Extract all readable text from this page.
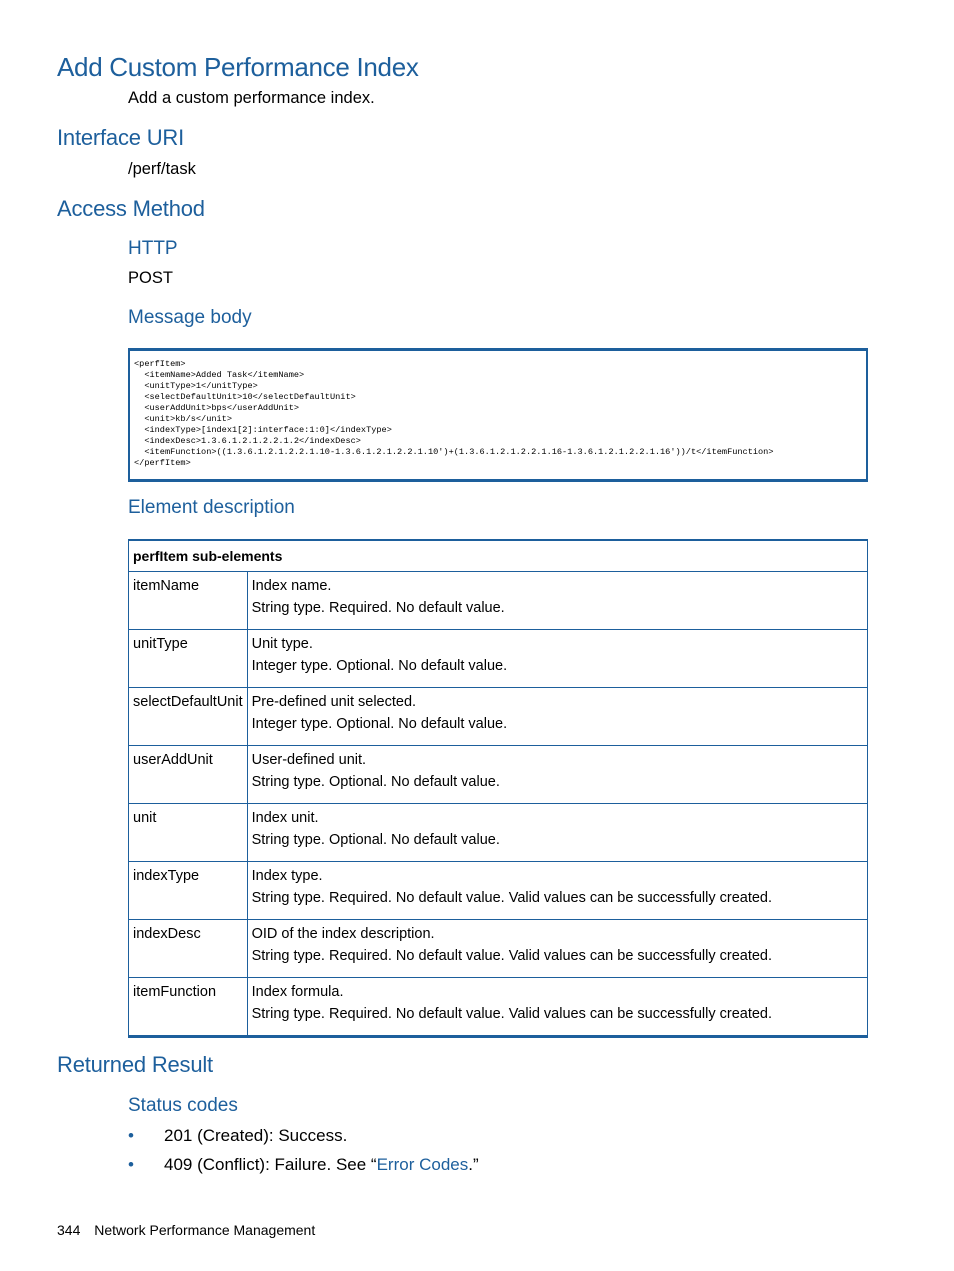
Add Custom Performance Index
Add a custom performance index.
Interface URI
/perf/task
Access Method
HTTP
POST
Message body
<perfItem>
<itemName>Added Task</itemName>
<unitType>1</unitType>
<selectDefaultUnit>10</selectDefaultUnit>
<userAddUnit>bps</userAddUnit>
<unit>kb/s</unit>
<indexType>[index1[2]:interface:1:0]</indexType>
<indexDesc>1.3.6.1.2.1.2.2.1.2</indexDesc>
<itemFunction>((1.3.6.1.2.1.2.2.1.10-1.3.6.1.2.1.2.2.1.10')+(1.3.6.1.2.1.2.2.1.16-1.3.6.1.2.1.2.2.1.16'))/t</itemFunction>
</perfItem>
Element description
perfItem sub-elements	
itemName	Index name.
String type. Required. No default value.

unitType	Unit type.
Integer type. Optional. No default value.

selectDefaultUnit	Pre-defined unit selected.
Integer type. Optional. No default value.

userAddUnit	User-defined unit.
String type. Optional. No default value.

unit	Index unit.
String type. Optional. No default value.

indexType	Index type.
String type. Required. No default value. Valid values can be successfully created.

indexDesc	OID of the index description.
String type. Required. No default value. Valid values can be successfully created.

itemFunction	Index formula.
String type. Required. No default value. Valid values can be successfully created.
Returned Result
Status codes
• 201 (Created): Success.
• 409 (Conflict): Failure. See “Error Codes.”
344 Network Performance Management
